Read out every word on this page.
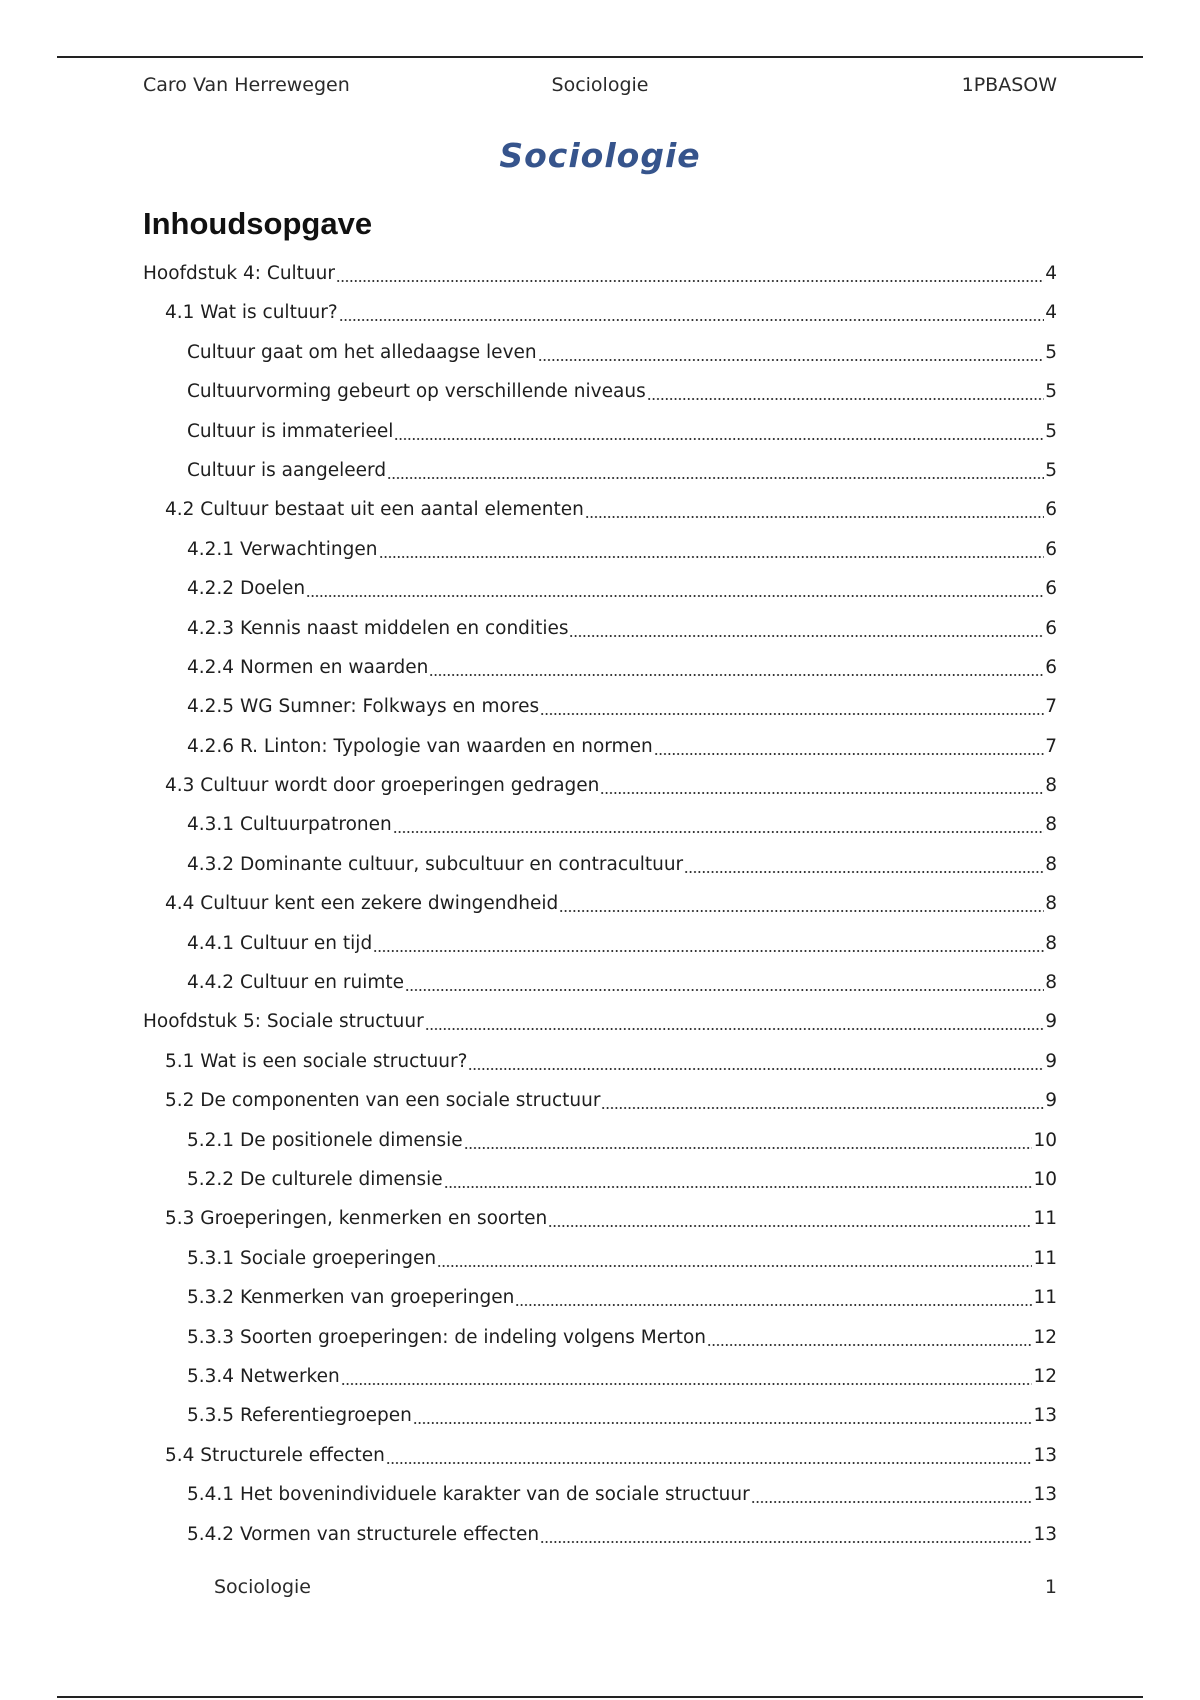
Caro Van Herrewegen	Sociologie	1PBASOW
Sociologie
Inhoudsopgave
Hoofdstuk 4: Cultuur	4
4.1 Wat is cultuur?	4
Cultuur gaat om het alledaagse leven	5
Cultuurvorming gebeurt op verschillende niveaus	5
Cultuur is immaterieel	5
Cultuur is aangeleerd	5
4.2 Cultuur bestaat uit een aantal elementen	6
4.2.1 Verwachtingen	6
4.2.2 Doelen	6
4.2.3 Kennis naast middelen en condities	6
4.2.4 Normen en waarden	6
4.2.5 WG Sumner: Folkways en mores	7
4.2.6 R. Linton: Typologie van waarden en normen	7
4.3 Cultuur wordt door groeperingen gedragen	8
4.3.1 Cultuurpatronen	8
4.3.2 Dominante cultuur, subcultuur en contracultuur	8
4.4 Cultuur kent een zekere dwingendheid	8
4.4.1 Cultuur en tijd	8
4.4.2 Cultuur en ruimte	8
Hoofdstuk 5: Sociale structuur	9
5.1 Wat is een sociale structuur?	9
5.2 De componenten van een sociale structuur	9
5.2.1 De positionele dimensie	10
5.2.2 De culturele dimensie	10
5.3 Groeperingen, kenmerken en soorten	11
5.3.1 Sociale groeperingen	11
5.3.2 Kenmerken van groeperingen	11
5.3.3 Soorten groeperingen: de indeling volgens Merton	12
5.3.4 Netwerken	12
5.3.5 Referentiegroepen	13
5.4 Structurele effecten	13
5.4.1 Het bovenindividuele karakter van de sociale structuur	13
5.4.2 Vormen van structurele effecten	13
Sociologie	1
